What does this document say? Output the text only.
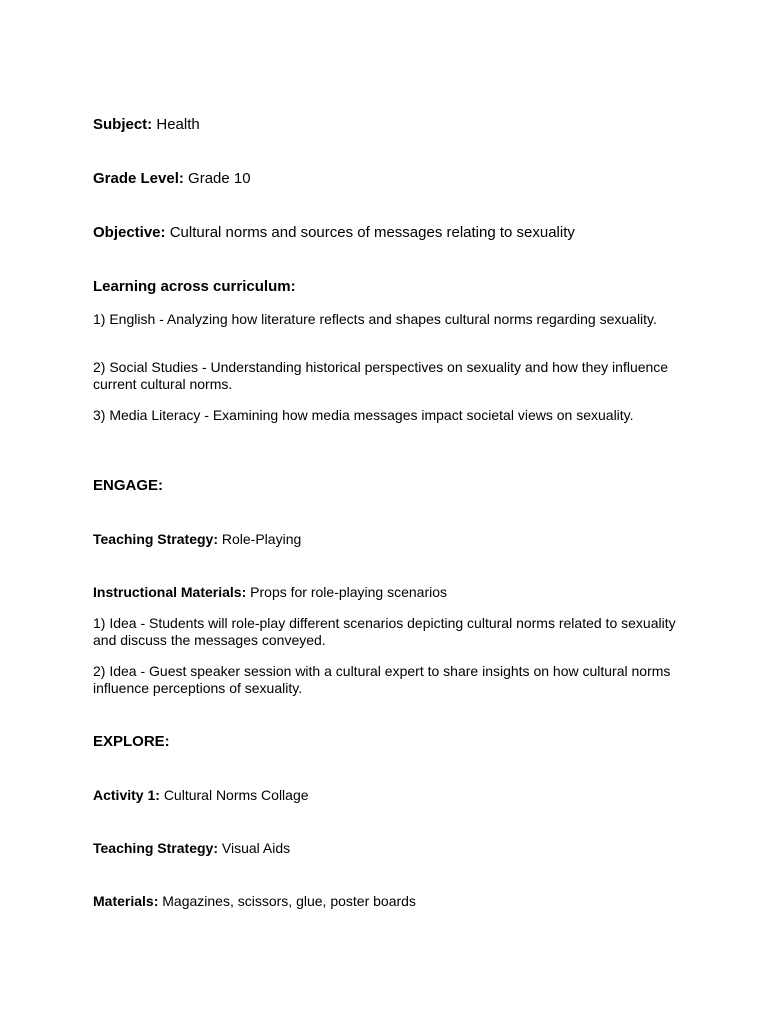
Subject: Health
Grade Level: Grade 10
Objective: Cultural norms and sources of messages relating to sexuality
Learning across curriculum:
1) English - Analyzing how literature reflects and shapes cultural norms regarding sexuality.
2) Social Studies - Understanding historical perspectives on sexuality and how they influence current cultural norms.
3) Media Literacy - Examining how media messages impact societal views on sexuality.
ENGAGE:
Teaching Strategy: Role-Playing
Instructional Materials: Props for role-playing scenarios
1) Idea - Students will role-play different scenarios depicting cultural norms related to sexuality and discuss the messages conveyed.
2) Idea - Guest speaker session with a cultural expert to share insights on how cultural norms influence perceptions of sexuality.
EXPLORE:
Activity 1: Cultural Norms Collage
Teaching Strategy: Visual Aids
Materials: Magazines, scissors, glue, poster boards
